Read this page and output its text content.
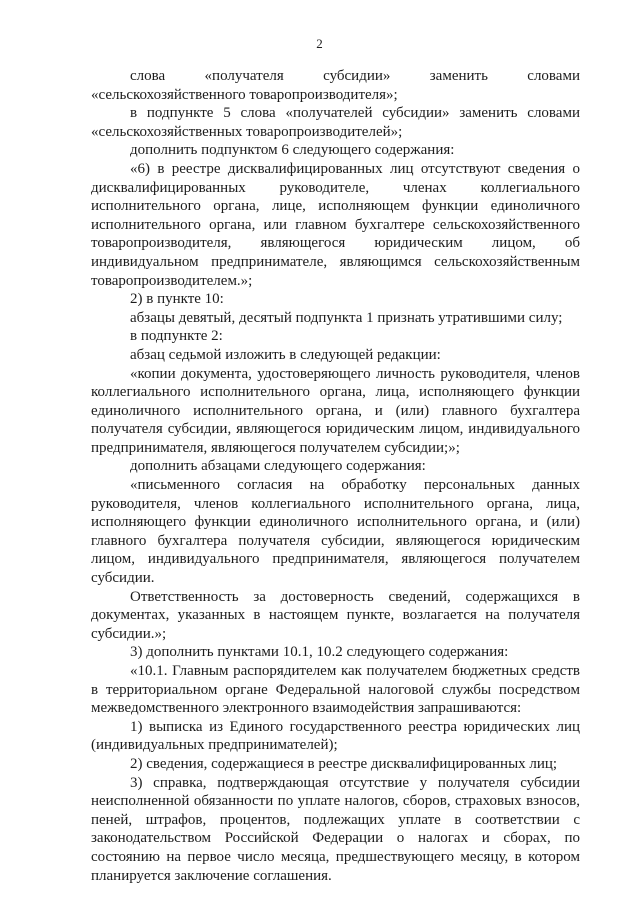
2

слова «получателя субсидии» заменить словами «сельскохозяйственного товаропроизводителя»;

в подпункте 5 слова «получателей субсидии» заменить словами «сельскохозяйственных товаропроизводителей»;

дополнить подпунктом 6 следующего содержания:

«6) в реестре дисквалифицированных лиц отсутствуют сведения о дисквалифицированных руководителе, членах коллегиального исполнительного органа, лице, исполняющем функции единоличного исполнительного органа, или главном бухгалтере сельскохозяйственного товаропроизводителя, являющегося юридическим лицом, об индивидуальном предпринимателе, являющимся сельскохозяйственным товаропроизводителем.»;

2) в пункте 10:

абзацы девятый, десятый подпункта 1 признать утратившими силу;

в подпункте 2:

абзац седьмой изложить в следующей редакции:

«копии документа, удостоверяющего личность руководителя, членов коллегиального исполнительного органа, лица, исполняющего функции единоличного исполнительного органа, и (или) главного бухгалтера получателя субсидии, являющегося юридическим лицом, индивидуального предпринимателя, являющегося получателем субсидии;»;

дополнить абзацами следующего содержания:

«письменного согласия на обработку персональных данных руководителя, членов коллегиального исполнительного органа, лица, исполняющего функции единоличного исполнительного органа, и (или) главного бухгалтера получателя субсидии, являющегося юридическим лицом, индивидуального предпринимателя, являющегося получателем субсидии.

Ответственность за достоверность сведений, содержащихся в документах, указанных в настоящем пункте, возлагается на получателя субсидии.»;

3) дополнить пунктами 10.1, 10.2 следующего содержания:

«10.1. Главным распорядителем как получателем бюджетных средств в территориальном органе Федеральной налоговой службы посредством межведомственного электронного взаимодействия запрашиваются:

1) выписка из Единого государственного реестра юридических лиц (индивидуальных предпринимателей);

2) сведения, содержащиеся в реестре дисквалифицированных лиц;

3) справка, подтверждающая отсутствие у получателя субсидии неисполненной обязанности по уплате налогов, сборов, страховых взносов, пеней, штрафов, процентов, подлежащих уплате в соответствии с законодательством Российской Федерации о налогах и сборах, по состоянию на первое число месяца, предшествующего месяцу, в котором планируется заключение соглашения.
